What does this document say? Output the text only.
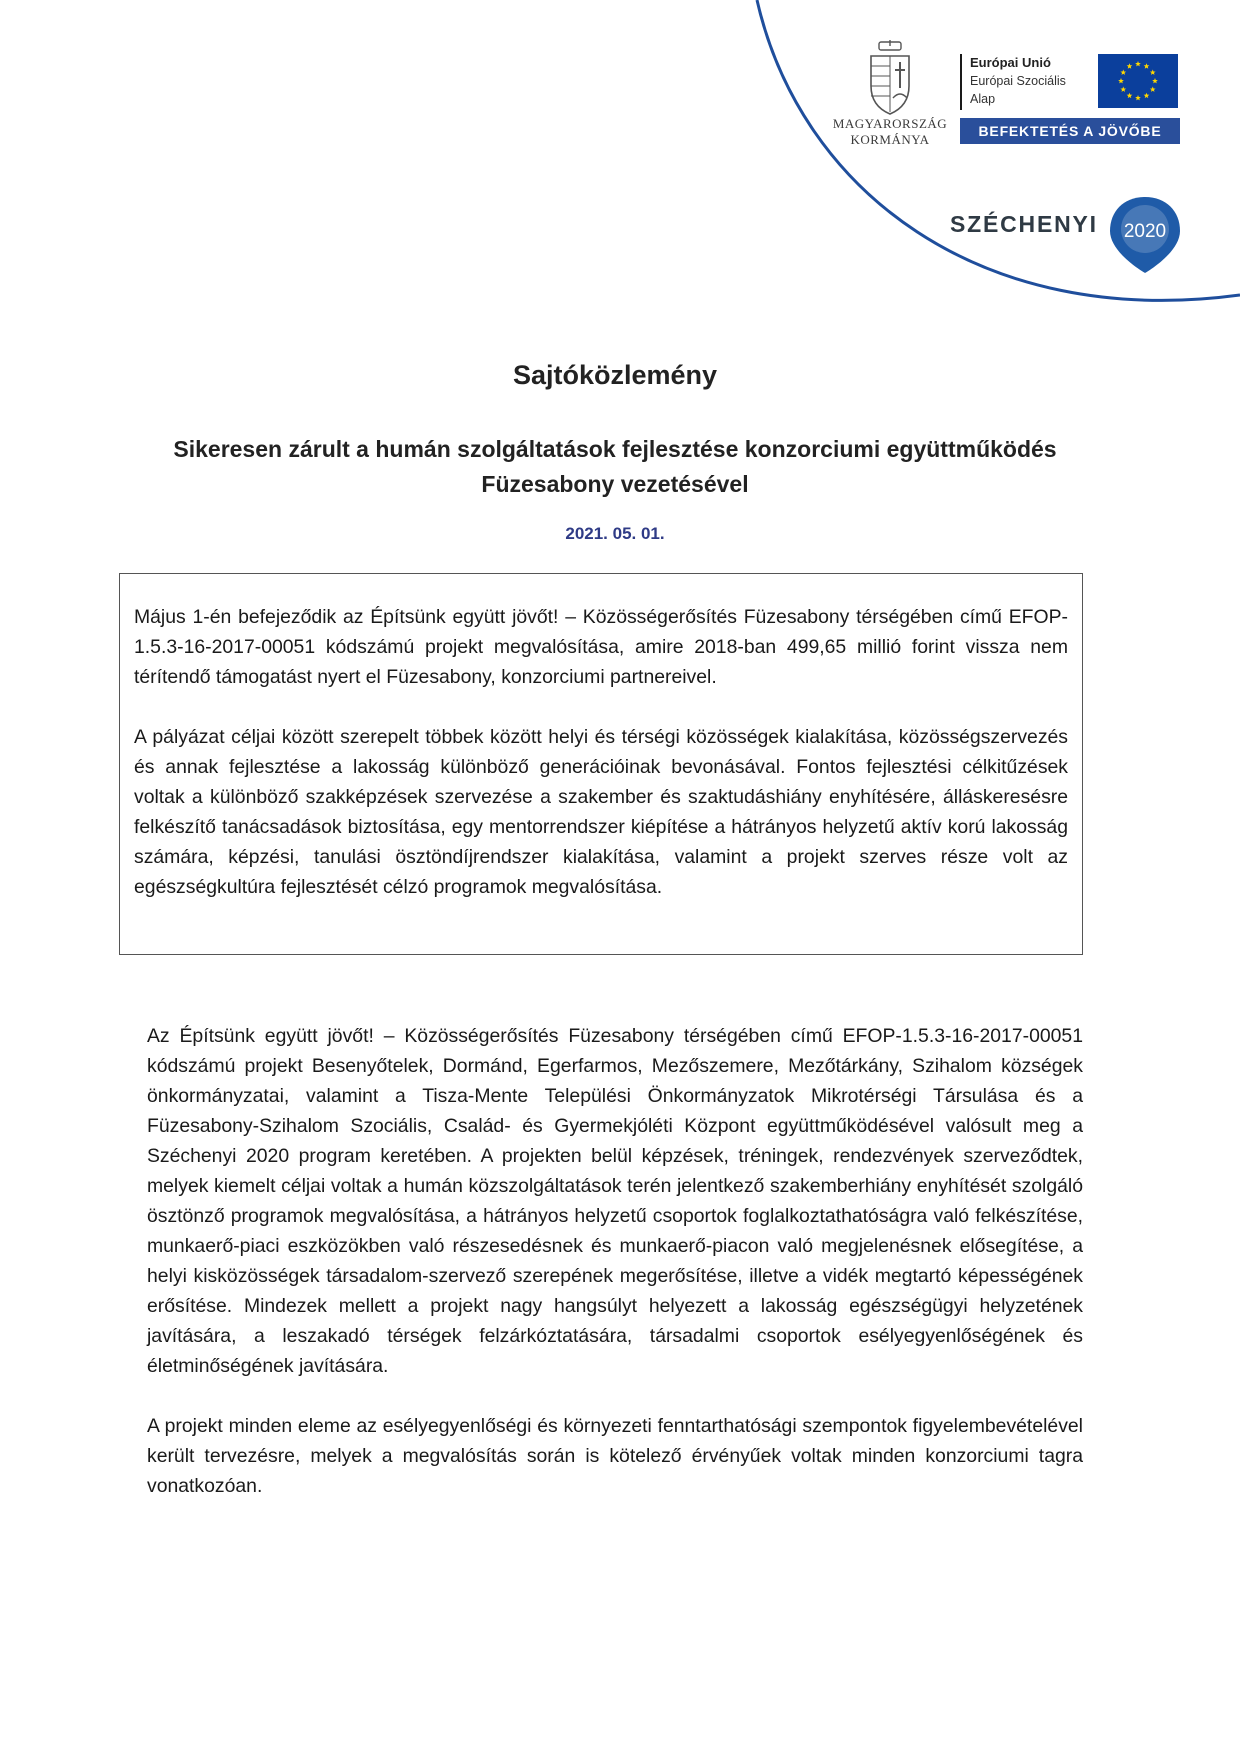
MAGYARORSZÁG
KORMÁNYA
Európai Unió
Európai Szociális
Alap
BEFEKTETÉS A JÖVŐBE
SZÉCHENYI 2020
Sajtóközlemény
Sikeresen zárult a humán szolgáltatások fejlesztése konzorciumi együttműködés Füzesabony vezetésével
2021. 05. 01.

Május 1-én befejeződik az Építsünk együtt jövőt! – Közösségerősítés Füzesabony térségében című EFOP-1.5.3-16-2017-00051 kódszámú projekt megvalósítása, amire 2018-ban 499,65 millió forint vissza nem térítendő támogatást nyert el Füzesabony, konzorciumi partnereivel.

A pályázat céljai között szerepelt többek között helyi és térségi közösségek kialakítása, közösségszervezés és annak fejlesztése a lakosság különböző generációinak bevonásával. Fontos fejlesztési célkitűzések voltak a különböző szakképzések szervezése a szakember és szaktudáshiány enyhítésére, álláskeresésre felkészítő tanácsadások biztosítása, egy mentorrendszer kiépítése a hátrányos helyzetű aktív korú lakosság számára, képzési, tanulási ösztöndíjrendszer kialakítása, valamint a projekt szerves része volt az egészségkultúra fejlesztését célzó programok megvalósítása.

Az Építsünk együtt jövőt! – Közösségerősítés Füzesabony térségében című EFOP-1.5.3-16-2017-00051 kódszámú projekt Besenyőtelek, Dormánd, Egerfarmos, Mezőszemere, Mezőtárkány, Szihalom községek önkormányzatai, valamint a Tisza-Mente Települési Önkormányzatok Mikrotérségi Társulása és a Füzesabony-Szihalom Szociális, Család- és Gyermekjóléti Központ együttműködésével valósult meg a Széchenyi 2020 program keretében. A projekten belül képzések, tréningek, rendezvények szerveződtek, melyek kiemelt céljai voltak a humán közszolgáltatások terén jelentkező szakemberhiány enyhítését szolgáló ösztönző programok megvalósítása, a hátrányos helyzetű csoportok foglalkoztathatóságra való felkészítése, munkaerő-piaci eszközökben való részesedésnek és munkaerő-piacon való megjelenésnek elősegítése, a helyi kisközösségek társadalom-szervező szerepének megerősítése, illetve a vidék megtartó képességének erősítése. Mindezek mellett a projekt nagy hangsúlyt helyezett a lakosság egészségügyi helyzetének javítására, a leszakadó térségek felzárkóztatására, társadalmi csoportok esélyegyenlőségének és életminőségének javítására.

A projekt minden eleme az esélyegyenlőségi és környezeti fenntarthatósági szempontok figyelembevételével került tervezésre, melyek a megvalósítás során is kötelező érvényűek voltak minden konzorciumi tagra vonatkozóan.
